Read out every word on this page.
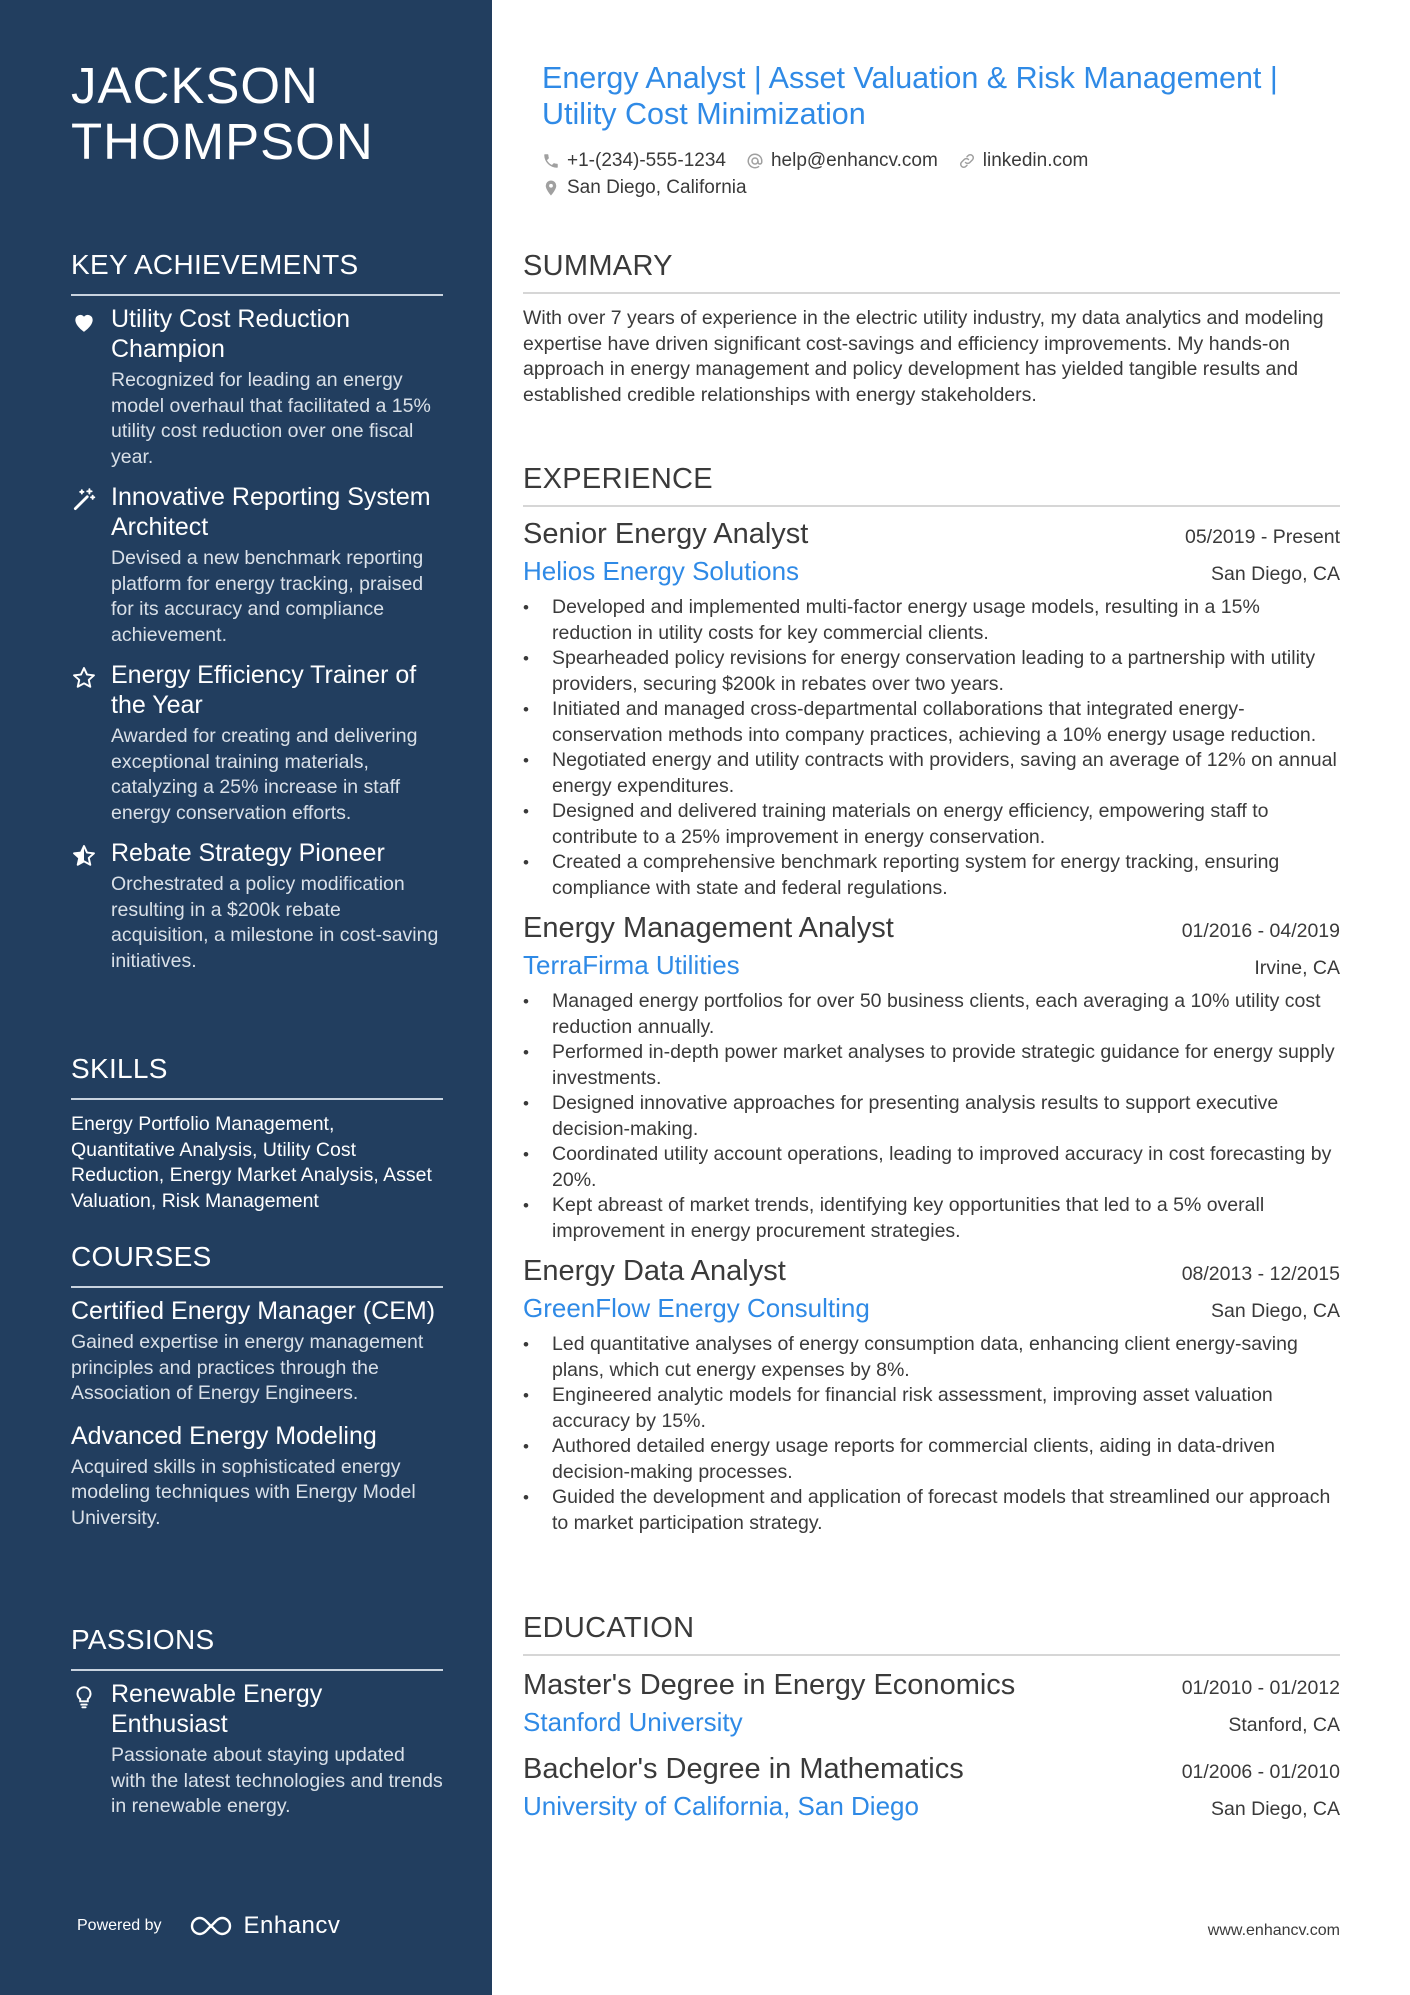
JACKSON
THOMPSON
KEY ACHIEVEMENTS
Utility Cost Reduction Champion
Recognized for leading an energy model overhaul that facilitated a 15% utility cost reduction over one fiscal year.
Innovative Reporting System Architect
Devised a new benchmark reporting platform for energy tracking, praised for its accuracy and compliance achievement.
Energy Efficiency Trainer of the Year
Awarded for creating and delivering exceptional training materials, catalyzing a 25% increase in staff energy conservation efforts.
Rebate Strategy Pioneer
Orchestrated a policy modification resulting in a $200k rebate acquisition, a milestone in cost-saving initiatives.
SKILLS
Energy Portfolio Management, Quantitative Analysis, Utility Cost Reduction, Energy Market Analysis, Asset Valuation, Risk Management
COURSES
Certified Energy Manager (CEM)
Gained expertise in energy management principles and practices through the Association of Energy Engineers.
Advanced Energy Modeling
Acquired skills in sophisticated energy modeling techniques with Energy Model University.
PASSIONS
Renewable Energy Enthusiast
Passionate about staying updated with the latest technologies and trends in renewable energy.
Powered by	Enhancv
Energy Analyst | Asset Valuation & Risk Management | Utility Cost Minimization
+1-(234)-555-1234 help@enhancv.com linkedin.com
San Diego, California
SUMMARY
With over 7 years of experience in the electric utility industry, my data analytics and modeling expertise have driven significant cost-savings and efficiency improvements. My hands-on approach in energy management and policy development has yielded tangible results and established credible relationships with energy stakeholders.
EXPERIENCE
Senior Energy Analyst	05/2019 - Present
Helios Energy Solutions	San Diego, CA
• Developed and implemented multi-factor energy usage models, resulting in a 15% reduction in utility costs for key commercial clients.
• Spearheaded policy revisions for energy conservation leading to a partnership with utility providers, securing $200k in rebates over two years.
• Initiated and managed cross-departmental collaborations that integrated energy-conservation methods into company practices, achieving a 10% energy usage reduction.
• Negotiated energy and utility contracts with providers, saving an average of 12% on annual energy expenditures.
• Designed and delivered training materials on energy efficiency, empowering staff to contribute to a 25% improvement in energy conservation.
• Created a comprehensive benchmark reporting system for energy tracking, ensuring compliance with state and federal regulations.
Energy Management Analyst	01/2016 - 04/2019
TerraFirma Utilities	Irvine, CA
• Managed energy portfolios for over 50 business clients, each averaging a 10% utility cost reduction annually.
• Performed in-depth power market analyses to provide strategic guidance for energy supply investments.
• Designed innovative approaches for presenting analysis results to support executive decision-making.
• Coordinated utility account operations, leading to improved accuracy in cost forecasting by 20%.
• Kept abreast of market trends, identifying key opportunities that led to a 5% overall improvement in energy procurement strategies.
Energy Data Analyst	08/2013 - 12/2015
GreenFlow Energy Consulting	San Diego, CA
• Led quantitative analyses of energy consumption data, enhancing client energy-saving plans, which cut energy expenses by 8%.
• Engineered analytic models for financial risk assessment, improving asset valuation accuracy by 15%.
• Authored detailed energy usage reports for commercial clients, aiding in data-driven decision-making processes.
• Guided the development and application of forecast models that streamlined our approach to market participation strategy.
EDUCATION
Master's Degree in Energy Economics	01/2010 - 01/2012
Stanford University	Stanford, CA
Bachelor's Degree in Mathematics	01/2006 - 01/2010
University of California, San Diego	San Diego, CA
www.enhancv.com
